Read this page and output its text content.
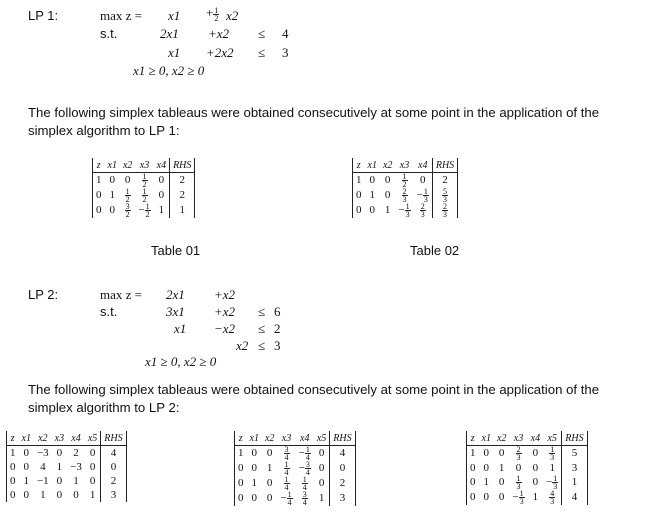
LP 1:	$\max z = x1 + \frac{1}{2} x2$
s.t.	2x1 +x2 ≤ 4
x1 +2x2 ≤ 3
x1 ≥ 0, x2 ≥ 0
The following simplex tableaus were obtained consecutively at some point in the application of the simplex algorithm to LP 1:
z	x1	x2	x3	x4	RHS
1	0	0	$\frac{1}{2}$	0	2
0	1	$\frac{1}{2}$	$\frac{1}{2}$	0	2
0	0	$\frac{3}{2}$	− $\frac{1}{2}$	1	1
Table 01
z	x1	x2	x3	x4	RHS
1	0	0	$\frac{1}{2}$	0	2
0	1	0	$\frac{2}{3}$	− $\frac{1}{3}$	$\frac{5}{3}$

0	0	1	− $\frac{1}{3}$	$\frac{2}{3}$	$\frac{2}{3}$
Table 02
LP 2:	max z = 2x1 +x2
s.t.	3x1 +x2 ≤ 6
x1 −x2 ≤ 2
x2 ≤ 3
x1 ≥ 0, x2 ≥ 0
The following simplex tableaus were obtained consecutively at some point in the application of the simplex algorithm to LP 2:
z	x1	x2	x3	x4	x5	RHS
1	0	−3	0	2	0	4
0	0	4	1	−3	0	0
0	1	−1	0	1	0	2
0	0	1	0	0	1	3
z	x1	x2	x3	x4	x5	RHS
1	0	0	$\frac{3}{4}$	− $\frac{1}{4}$	0	4
0	0	1	$\frac{1}{4}$	− $\frac{3}{4}$	0	0
0	1	0	$\frac{1}{4}$	$\frac{1}{4}$	0	2
0	0	0	− $\frac{1}{4}$	$\frac{3}{4}$	1	3
z	x1	x2	x3	x4	x5	RHS
1	0	0	$\frac{2}{3}$	0	$\frac{1}{3}$	5
0	0	1	0	0	1	3
0	1	0	$\frac{1}{3}$	0	− $\frac{1}{3}$	1
0	0	0	− $\frac{1}{3}$	1	$\frac{4}{3}$	4
